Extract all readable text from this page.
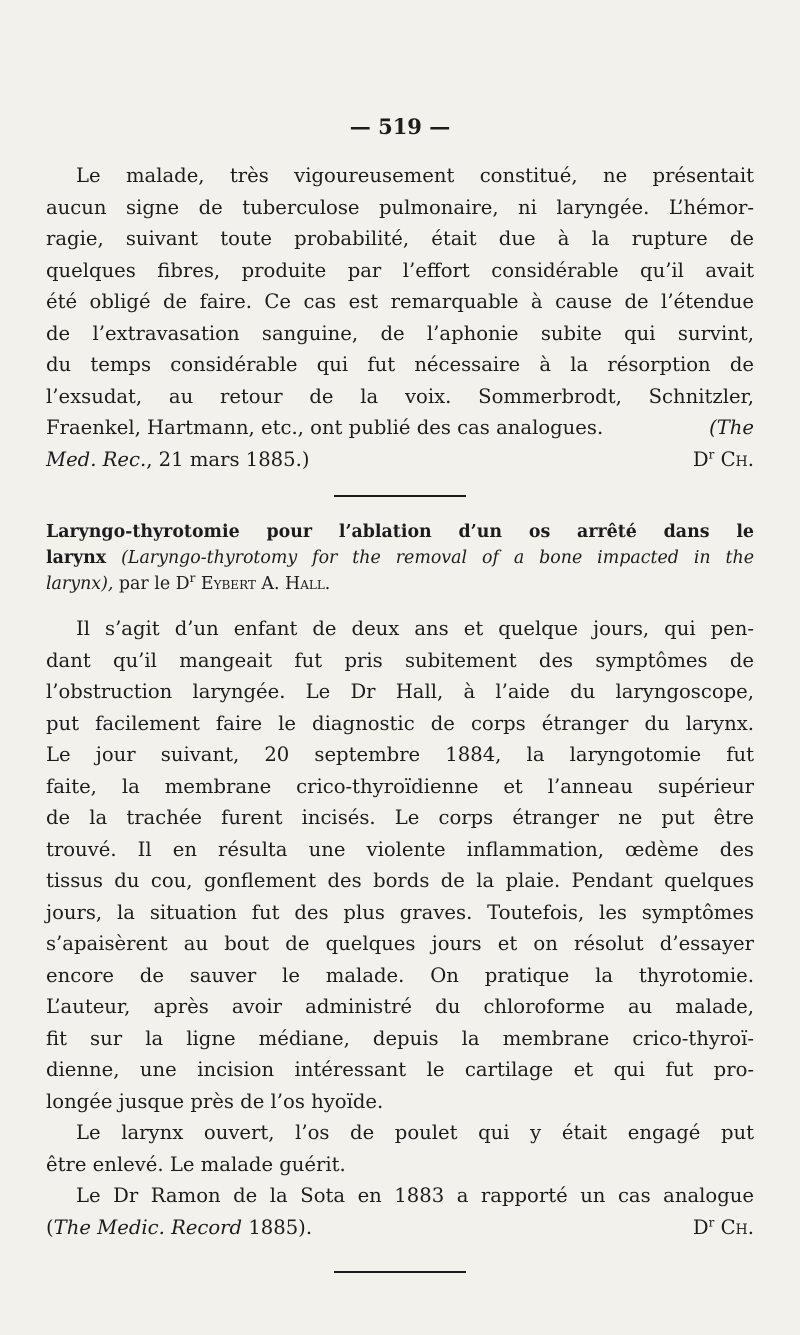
— 519 —

Le malade, très vigoureusement constitué, ne présentait
aucun signe de tuberculose pulmonaire, ni laryngée. L’hémor-
ragie, suivant toute probabilité, était due à la rupture de
quelques fibres, produite par l’effort considérable qu’il avait
été obligé de faire. Ce cas est remarquable à cause de l’étendue
de l’extravasation sanguine, de l’aphonie subite qui survint,
du temps considérable qui fut nécessaire à la résorption de
l’exsudat, au retour de la voix. Sommerbrodt, Schnitzler,
Fraenkel, Hartmann, etc., ont publié des cas analogues.	(The
Med. Rec., 21 mars 1885.)	$D^r$ Ch.

Laryngo-thyrotomie pour l’ablation d’un os arrêté dans le
larynx (Laryngo-thyrotomy for the removal of a bone impacted in the
larynx), par le $D^r$ Eybert A. Hall.

Il s’agit d’un enfant de deux ans et quelque jours, qui pen-
dant qu’il mangeait fut pris subitement des symptômes de
l’obstruction laryngée. Le Dr Hall, à l’aide du laryngoscope,
put facilement faire le diagnostic de corps étranger du larynx.
Le jour suivant, 20 septembre 1884, la laryngotomie fut
faite, la membrane crico-thyroïdienne et l’anneau supérieur
de la trachée furent incisés. Le corps étranger ne put être
trouvé. Il en résulta une violente inflammation, œdème des
tissus du cou, gonflement des bords de la plaie. Pendant quelques
jours, la situation fut des plus graves. Toutefois, les symptômes
s’apaisèrent au bout de quelques jours et on résolut d’essayer
encore de sauver le malade. On pratique la thyrotomie.
L’auteur, après avoir administré du chloroforme au malade,
fit sur la ligne médiane, depuis la membrane crico-thyroï-
dienne, une incision intéressant le cartilage et qui fut pro-
longée jusque près de l’os hyoïde.

Le larynx ouvert, l’os de poulet qui y était engagé put
être enlevé. Le malade guérit.

Le Dr Ramon de la Sota en 1883 a rapporté un cas analogue
(The Medic. Record 1885).	$D^r$ Ch.
